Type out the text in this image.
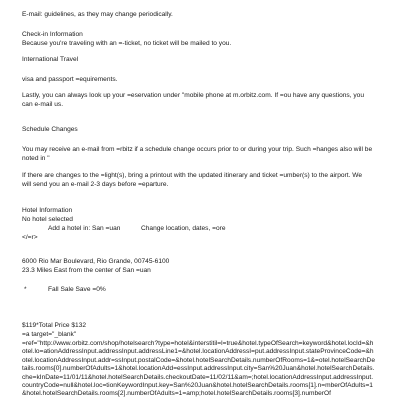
E-mail: guidelines, as they may change periodically.
Check-in Information
Because you're traveling with an =-ticket, no ticket will be mailed to you.
International Travel
visa and passport =equirements.
Lastly, you can always look up your =eservation under "mobile phone at m.orbitz.com. If =ou have any questions, you
can e-mail us.
Schedule Changes
You may receive an e-mail from =rbitz if a schedule change occurs prior to or during your trip. Such =hanges also will be
noted in "
If there are changes to the =light(s), bring a printout with the updated itinerary and ticket =umber(s) to the airport. We
will send you an e-mail 2-3 days before =eparture.
Hotel Information
No hotel selected
Add a hotel in: San =uan	Change location, dates, =ore
</=r>
6000 Rio Mar Boulevard, Rio Grande, 00745-6100
23.3 Miles East from the center of San =uan
*	Fall Sale Save =0%
$119*Total Price $132
=a target="_blank"
=ref="http://www.orbitz.com/shop/hotelsearch?type=hotel&interstitil=l=true&hotel.typeOfSearch=keyword&hotel.locId=&hotel.lo=ationAddressInput.addressInput.addressLine1=&hotel.locationAddressI=put.addressInput.stateProvinceCode=&hotel.locationAddressInput.addr=ssInput.postalCode=&hotel.hotelSearchDetails.numberOfRooms=1&=otel.hotelSearchDetails.rooms[0].numberOfAdults=1&hotel.locationAdd=essInput.addressInput.city=San%20Juan&hotel.hotelSearchDetails.che=kInDate=11/01/11&hotel.hotelSearchDetails.checkoutDate=11/02/11&am=;hotel.locationAddressInput.addressInput.countryCode=null&hotel.loc=tionKeywordInput.key=San%20Juan&hotel.hotelSearchDetails.rooms[1].n=mberOfAdults=1&hotel.hotelSearchDetails.rooms[2].numberOfAdults=1=amp;hotel.hotelSearchDetails.rooms[3].numberOf
